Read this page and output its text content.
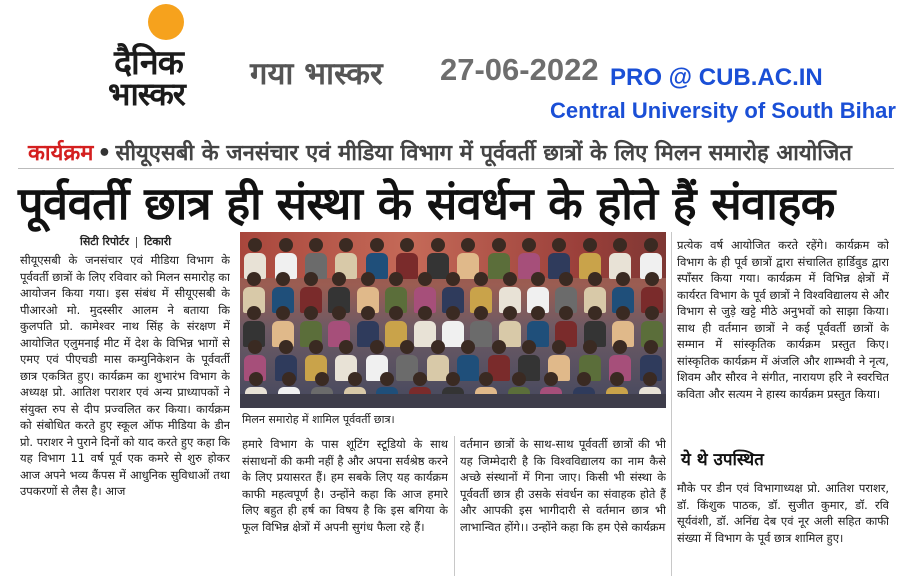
दैनिक
भास्कर
गया भास्कर 27-06-2022 PRO @ CUB.AC.IN
Central University of South Bihar
कार्यक्रम • सीयूएसबी के जनसंचार एवं मीडिया विभाग में पूर्ववर्ती छात्रों के लिए मिलन समारोह आयोजित
पूर्ववर्ती छात्र ही संस्था के संवर्धन के होते हैं संवाहक
सिटी रिपोर्टर टिकारी
सीयूएसबी के जनसंचार एवं मीडिया विभाग के पूर्ववर्ती छात्रों के लिए रविवार को मिलन समारोह का आयोजन किया गया। इस संबंध में सीयूएसबी के पीआरओ मो. मुदस्सीर आलम ने बताया कि कुलपति प्रो. कामेश्वर नाथ सिंह के संरक्षण में आयोजित एलुमनाई मीट में देश के विभिन्न भागों से एमए एवं पीएचडी मास कम्युनिकेशन के पूर्ववर्ती छात्र एकत्रित हुए। कार्यक्रम का शुभारंभ विभाग के अध्यक्ष प्रो. आतिश पराशर एवं अन्य प्राध्यापकों ने संयुक्त रुप से दीप प्रज्वलित कर किया। कार्यक्रम को संबोधित करते हुए स्कूल ऑफ मीडिया के डीन प्रो. पराशर ने पुराने दिनों को याद करते हुए कहा कि यह विभाग 11 वर्ष पूर्व एक कमरे से शुरु होकर आज अपने भव्य कैंपस में आधुनिक सुविधाओं तथा उपकरणों से लैस है। आज
मिलन समारोह में शामिल पूर्ववर्ती छात्र।
हमारे विभाग के पास शूटिंग स्टूडियो के साथ संसाधनों की कमी नहीं है और अपना सर्वश्रेष्ठ करने के लिए प्रयासरत हैं। हम सबके लिए यह कार्यक्रम काफी महत्वपूर्ण है। उन्होंने कहा कि आज हमारे लिए बहुत ही हर्ष का विषय है कि इस बगिया के फूल विभिन्न क्षेत्रों में अपनी सुगंध फैला रहे हैं।
वर्तमान छात्रों के साथ-साथ पूर्ववर्ती छात्रों की भी यह जिम्मेदारी है कि विश्वविद्यालय का नाम कैसे अच्छे संस्थानों में गिना जाए। किसी भी संस्था के पूर्ववर्ती छात्र ही उसके संवर्धन का संवाहक होते हैं और आपकी इस भागीदारी से वर्तमान छात्र भी लाभान्वित होंगे।। उन्होंने कहा कि हम ऐसे कार्यक्रम
प्रत्येक वर्ष आयोजित करते रहेंगे। कार्यक्रम को विभाग के ही पूर्व छात्रों द्वारा संचालित हार्डिवुड द्वारा स्पॉंसर किया गया। कार्यक्रम में विभिन्न क्षेत्रों में कार्यरत विभाग के पूर्व छात्रों ने विश्वविद्यालय से और विभाग से जुड़े खट्टे मीठे अनुभवों को साझा किया। साथ ही वर्तमान छात्रों ने कई पूर्ववर्ती छात्रों के सम्मान में सांस्कृतिक कार्यक्रम प्रस्तुत किए। सांस्कृतिक कार्यक्रम में अंजलि और शाम्भवी ने नृत्य, शिवम और सौरव ने संगीत, नारायण हरि ने स्वरचित कविता और सत्यम ने हास्य कार्यक्रम प्रस्तुत किया।
ये थे उपस्थित
मौके पर डीन एवं विभागाध्यक्ष प्रो. आतिश पराशर, डॉ. किंशुक पाठक, डॉ. सुजीत कुमार, डॉ. रवि सूर्यवंशी, डॉ. अनिंद्य देब एवं नूर अली सहित काफी संख्या में विभाग के पूर्व छात्र शामिल हुए।
